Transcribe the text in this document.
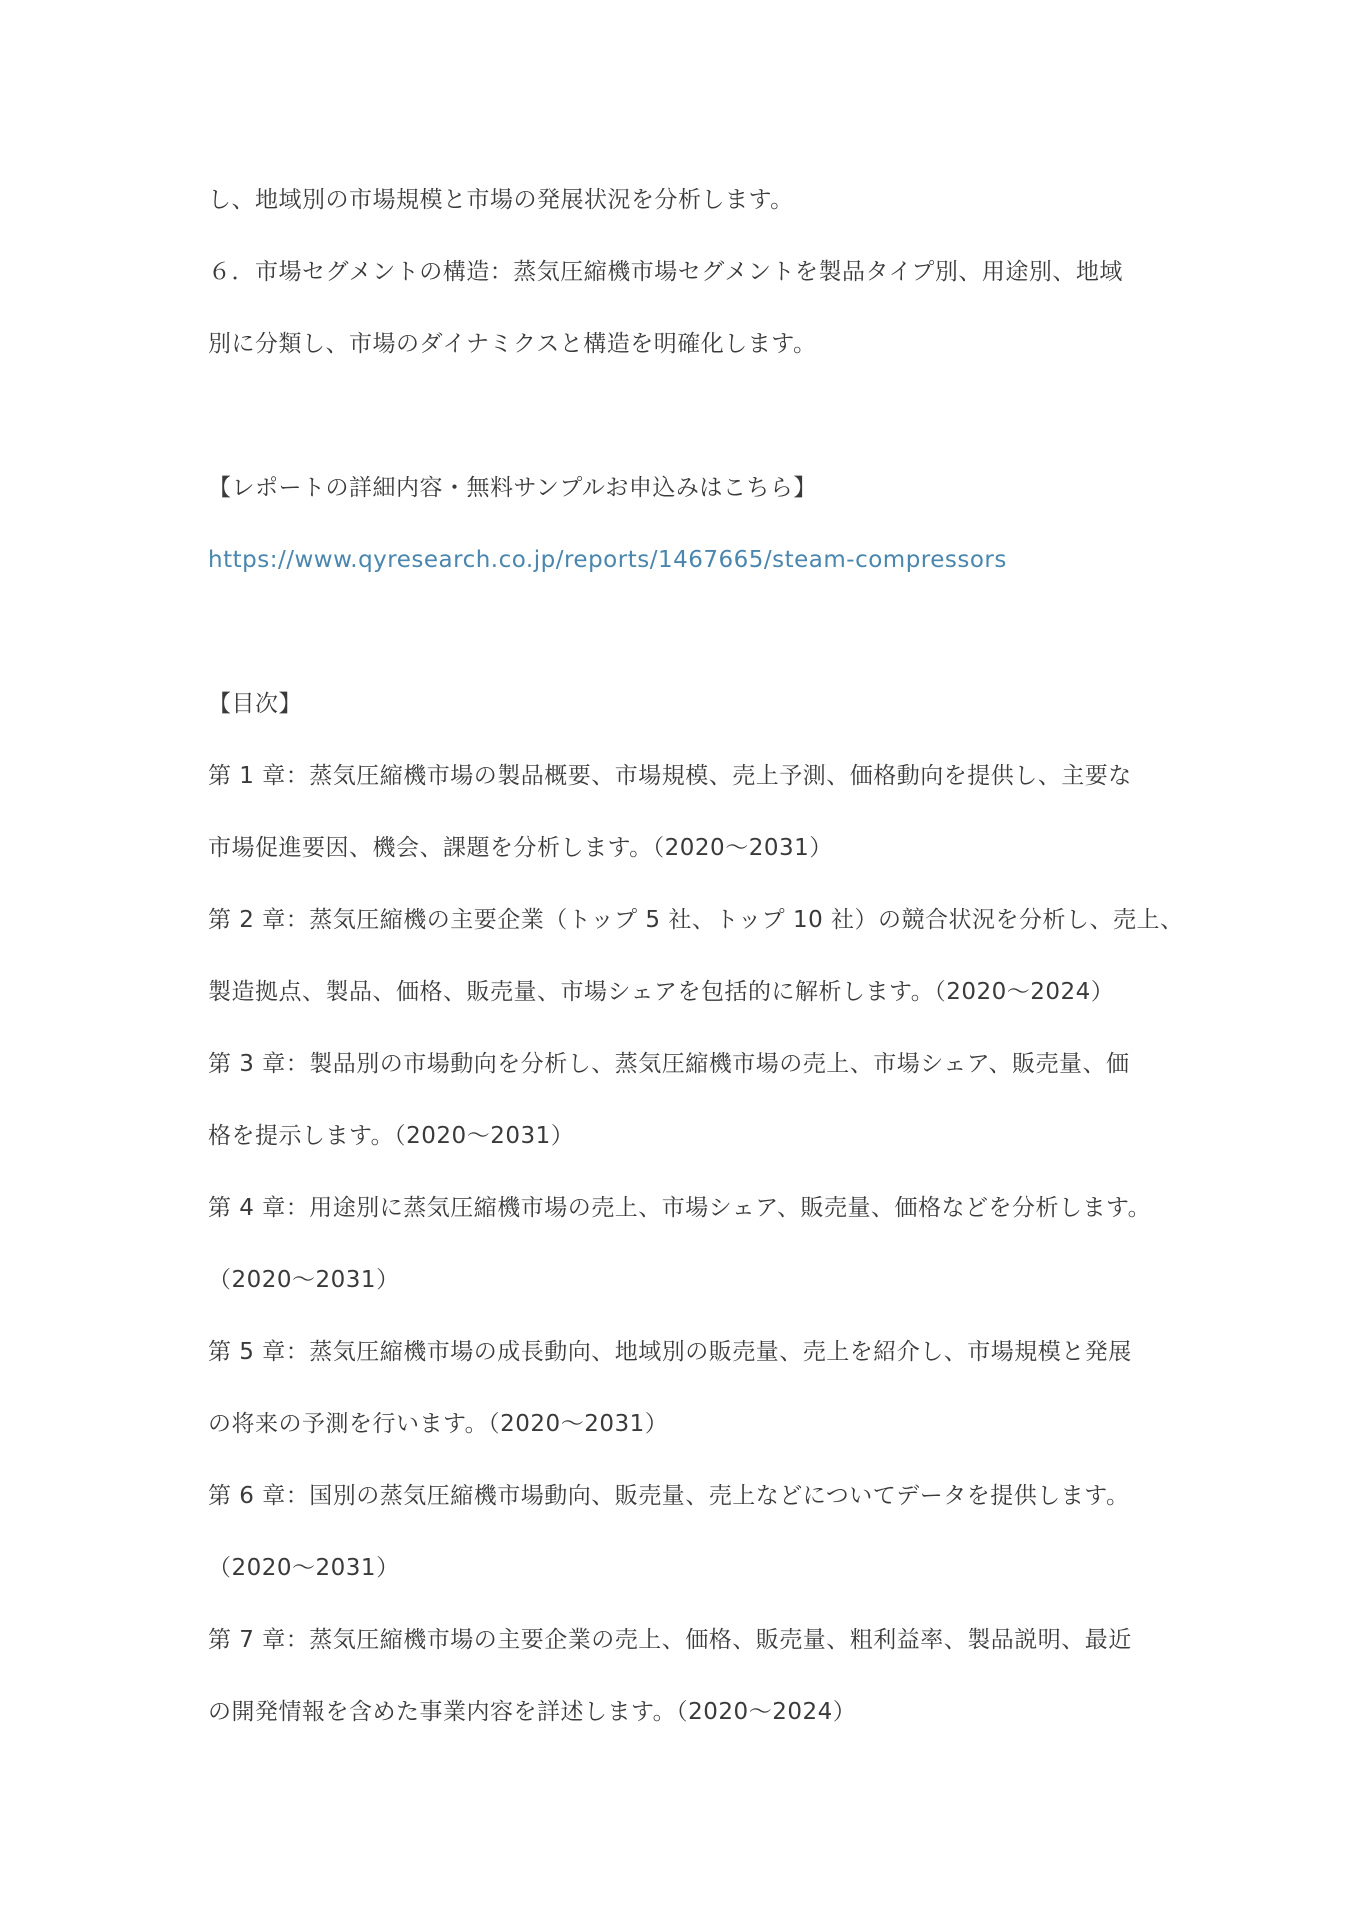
し、地域別の市場規模と市場の発展状況を分析します。
６．市場セグメントの構造：蒸気圧縮機市場セグメントを製品タイプ別、用途別、地域
別に分類し、市場のダイナミクスと構造を明確化します。
【レポートの詳細内容・無料サンプルお申込みはこちら】
https://www.qyresearch.co.jp/reports/1467665/steam-compressors
【目次】
第 1 章：蒸気圧縮機市場の製品概要、市場規模、売上予測、価格動向を提供し、主要な
市場促進要因、機会、課題を分析します。（2020～2031）
第 2 章：蒸気圧縮機の主要企業（トップ 5 社、トップ 10 社）の競合状況を分析し、売上、
製造拠点、製品、価格、販売量、市場シェアを包括的に解析します。（2020～2024）
第 3 章：製品別の市場動向を分析し、蒸気圧縮機市場の売上、市場シェア、販売量、価
格を提示します。（2020～2031）
第 4 章：用途別に蒸気圧縮機市場の売上、市場シェア、販売量、価格などを分析します。
（2020～2031）
第 5 章：蒸気圧縮機市場の成長動向、地域別の販売量、売上を紹介し、市場規模と発展
の将来の予測を行います。（2020～2031）
第 6 章：国別の蒸気圧縮機市場動向、販売量、売上などについてデータを提供します。
（2020～2031）
第 7 章：蒸気圧縮機市場の主要企業の売上、価格、販売量、粗利益率、製品説明、最近
の開発情報を含めた事業内容を詳述します。（2020～2024）
